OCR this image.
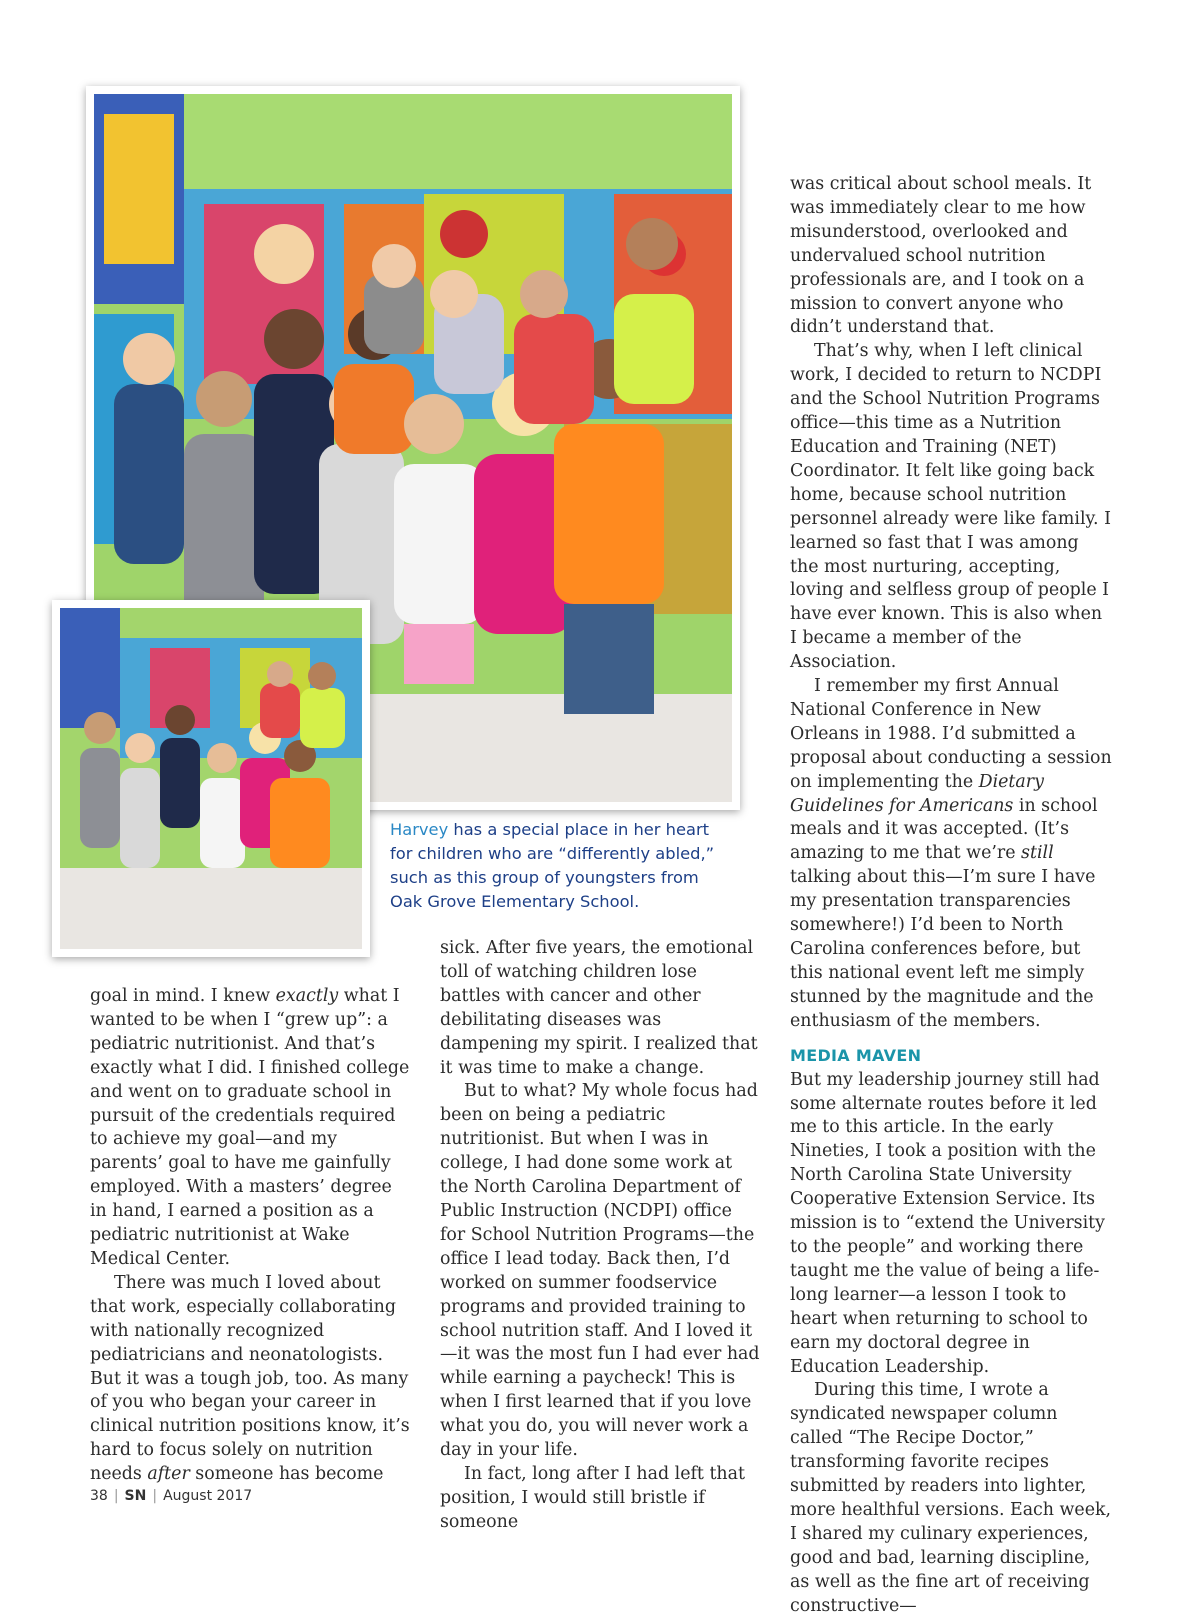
Harvey has a special place in her heart for children who are “differently abled,” such as this group of youngsters from Oak Grove Elementary School.

goal in mind. I knew exactly what I wanted to be when I “grew up”: a pediatric nutritionist. And that’s exactly what I did. I finished college and went on to graduate school in pursuit of the credentials required to achieve my goal—and my parents’ goal to have me gainfully employed. With a masters’ degree in hand, I earned a position as a pediatric nutritionist at Wake Medical Center.

There was much I loved about that work, especially collaborating with nationally recognized pediatricians and neonatologists. But it was a tough job, too. As many of you who began your career in clinical nutrition positions know, it’s hard to focus solely on nutrition needs after someone has become

sick. After five years, the emotional toll of watching children lose battles with cancer and other debilitating diseases was dampening my spirit. I realized that it was time to make a change.

But to what? My whole focus had been on being a pediatric nutritionist. But when I was in college, I had done some work at the North Carolina Department of Public Instruction (NCDPI) office for School Nutrition Programs—the office I lead today. Back then, I’d worked on summer foodservice programs and provided training to school nutrition staff. And I loved it—it was the most fun I had ever had while earning a paycheck! This is when I first learned that if you love what you do, you will never work a day in your life.

In fact, long after I had left that position, I would still bristle if someone

was critical about school meals. It was immediately clear to me how misunderstood, overlooked and undervalued school nutrition professionals are, and I took on a mission to convert anyone who didn’t understand that.

That’s why, when I left clinical work, I decided to return to NCDPI and the School Nutrition Programs office—this time as a Nutrition Education and Training (NET) Coordinator. It felt like going back home, because school nutrition personnel already were like family. I learned so fast that I was among the most nurturing, accepting, loving and selfless group of people I have ever known. This is also when I became a member of the Association.

I remember my first Annual National Conference in New Orleans in 1988. I’d submitted a proposal about conducting a session on implementing the Dietary Guidelines for Americans in school meals and it was accepted. (It’s amazing to me that we’re still talking about this—I’m sure I have my presentation transparencies somewhere!) I’d been to North Carolina conferences before, but this national event left me simply stunned by the magnitude and the enthusiasm of the members.

MEDIA MAVEN

But my leadership journey still had some alternate routes before it led me to this article. In the early Nineties, I took a position with the North Carolina State University Cooperative Extension Service. Its mission is to “extend the University to the people” and working there taught me the value of being a life-long learner—a lesson I took to heart when returning to school to earn my doctoral degree in Education Leadership.

During this time, I wrote a syndicated newspaper column called “The Recipe Doctor,” transforming favorite recipes submitted by readers into lighter, more healthful versions. Each week, I shared my culinary experiences, good and bad, learning discipline, as well as the fine art of receiving constructive—

38 | SN | August 2017
